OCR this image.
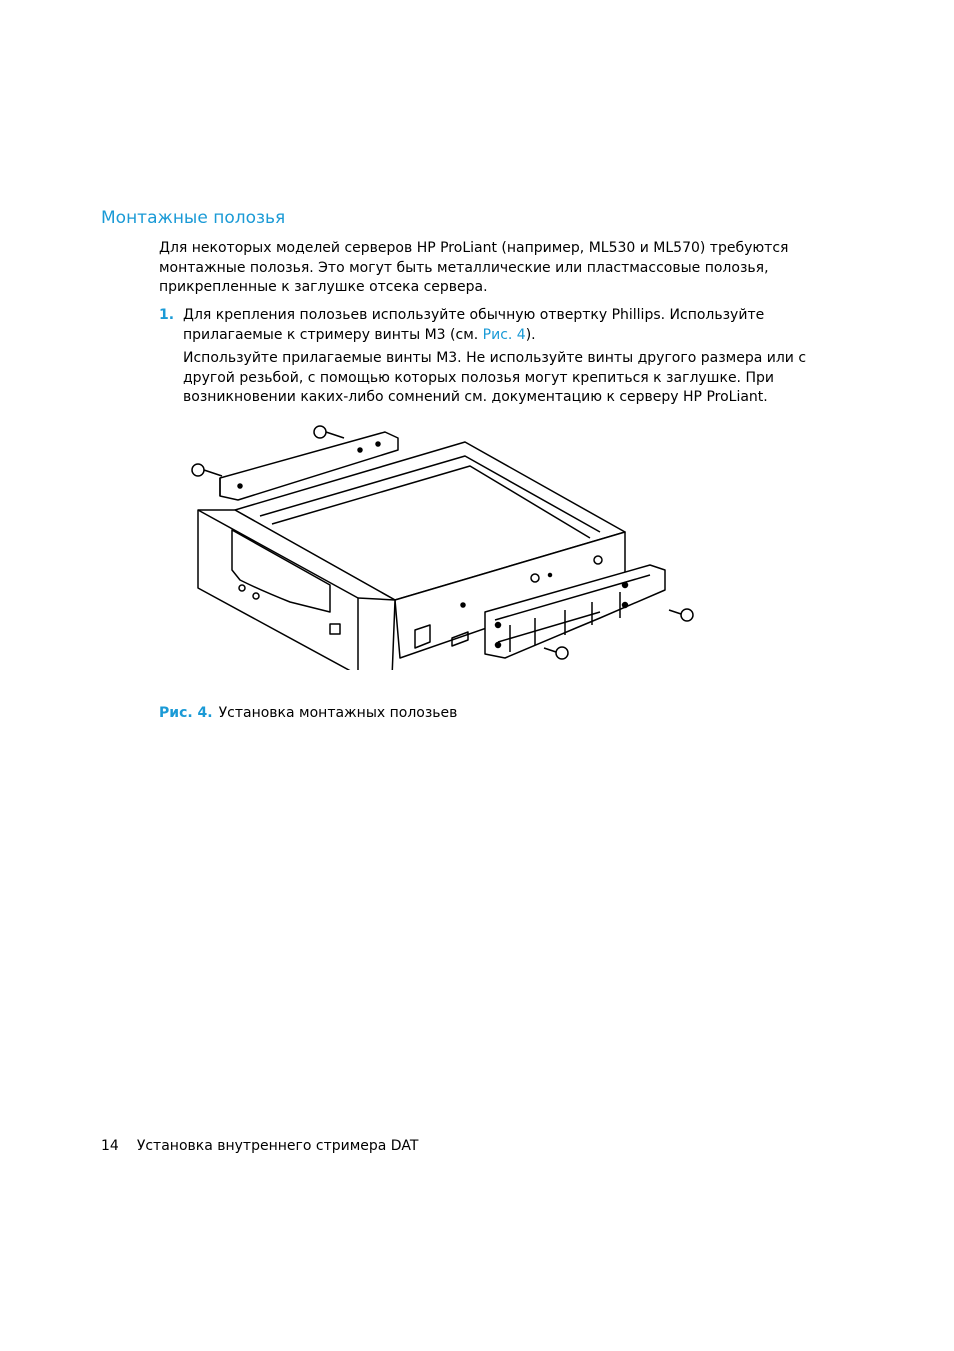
Монтажные полозья

Для некоторых моделей серверов HP ProLiant (например, ML530 и ML570) требуются монтажные полозья. Это могут быть металлические или пластмассовые полозья, прикрепленные к заглушке отсека сервера.

1. Для крепления полозьев используйте обычную отвертку Phillips. Используйте прилагаемые к стримеру винты М3 (см. Рис. 4).

Используйте прилагаемые винты М3. Не используйте винты другого размера или с другой резьбой, с помощью которых полозья могут крепиться к заглушке. При возникновении каких-либо сомнений см. документацию к серверу HP ProLiant.

Рис. 4. Установка монтажных полозьев
14 Установка внутреннего стримера DAT
